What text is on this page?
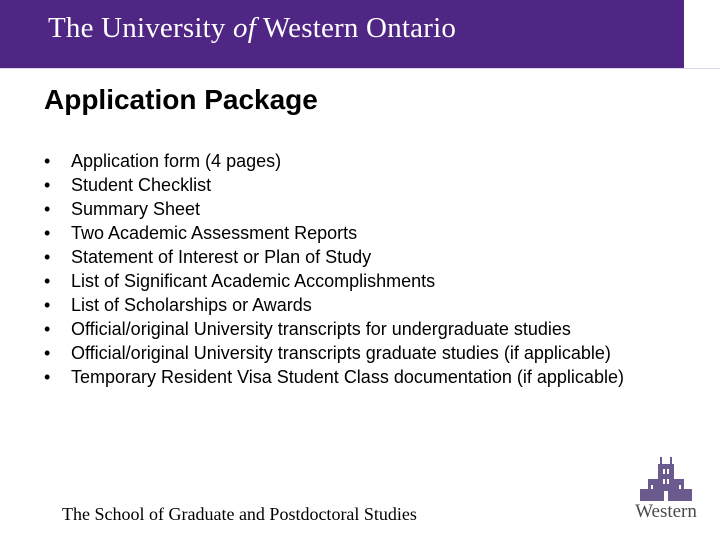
The University of Western Ontario
Application Package
•	Application form (4 pages)
•	Student Checklist
•	Summary Sheet
•	Two Academic Assessment Reports
•	Statement of Interest or Plan of Study
•	List of Significant Academic Accomplishments
•	List of Scholarships or Awards
•	Official/original University transcripts for undergraduate studies
•	Official/original University transcripts graduate studies (if applicable)
•	Temporary Resident Visa Student Class documentation (if applicable)
The School of Graduate and Postdoctoral Studies	Western
